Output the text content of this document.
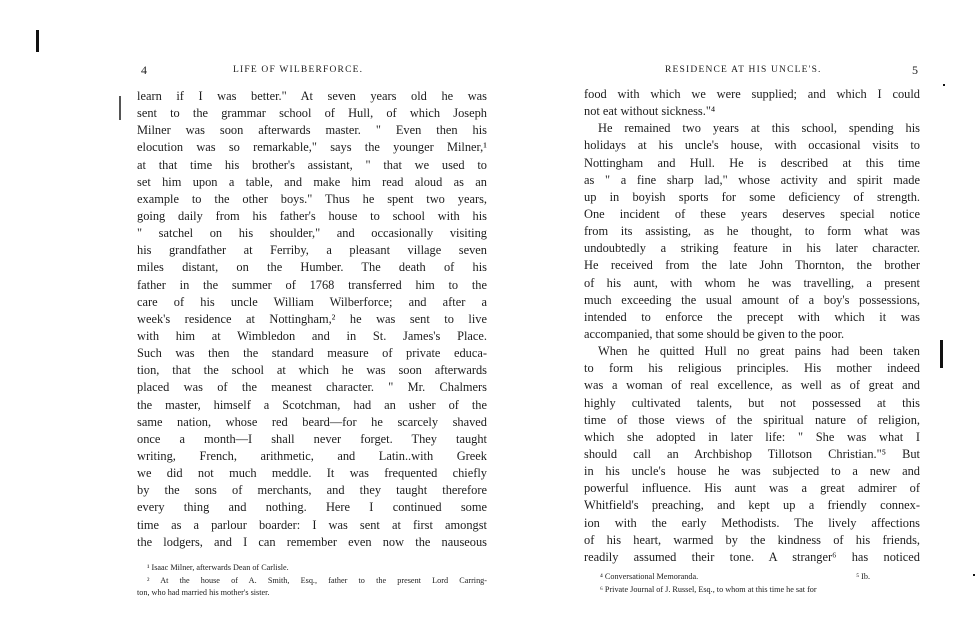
4	LIFE OF WILBERFORCE.
learn if I was better." At seven years old he was
sent to the grammar school of Hull, of which Joseph
Milner was soon afterwards master. " Even then his
elocution was so remarkable," says the younger Milner,¹
at that time his brother's assistant, " that we used to
set him upon a table, and make him read aloud as an
example to the other boys." Thus he spent two years,
going daily from his father's house to school with his
" satchel on his shoulder," and occasionally visiting
his grandfather at Ferriby, a pleasant village seven
miles distant, on the Humber. The death of his
father in the summer of 1768 transferred him to the
care of his uncle William Wilberforce; and after a
week's residence at Nottingham,² he was sent to live
with him at Wimbledon and in St. James's Place.
Such was then the standard measure of private educa-
tion, that the school at which he was soon afterwards
placed was of the meanest character. " Mr. Chalmers
the master, himself a Scotchman, had an usher of the
same nation, whose red beard—for he scarcely shaved
once a month—I shall never forget. They taught
writing, French, arithmetic, and Latin..with Greek
we did not much meddle. It was frequented chiefly
by the sons of merchants, and they taught therefore
every thing and nothing. Here I continued some
time as a parlour boarder: I was sent at first amongst
the lodgers, and I can remember even now the nauseous
¹ Isaac Milner, afterwards Dean of Carlisle.
² At the house of A. Smith, Esq., father to the present Lord Carring-
ton, who had married his mother's sister.
5
RESIDENCE AT HIS UNCLE'S.
food with which we were supplied; and which I could
not eat without sickness."⁴
He remained two years at this school, spending his
holidays at his uncle's house, with occasional visits to
Nottingham and Hull. He is described at this time
as " a fine sharp lad," whose activity and spirit made
up in boyish sports for some deficiency of strength.
One incident of these years deserves special notice
from its assisting, as he thought, to form what was
undoubtedly a striking feature in his later character.
He received from the late John Thornton, the brother
of his aunt, with whom he was travelling, a present
much exceeding the usual amount of a boy's possessions,
intended to enforce the precept with which it was
accompanied, that some should be given to the poor.
When he quitted Hull no great pains had been taken
to form his religious principles. His mother indeed
was a woman of real excellence, as well as of great and
highly cultivated talents, but not possessed at this
time of those views of the spiritual nature of religion,
which she adopted in later life: " She was what I
should call an Archbishop Tillotson Christian."⁵ But
in his uncle's house he was subjected to a new and
powerful influence. His aunt was a great admirer of
Whitfield's preaching, and kept up a friendly connex-
ion with the early Methodists. The lively affections
of his heart, warmed by the kindness of his friends,
readily assumed their tone. A stranger⁶ has noticed
⁴ Conversational Memoranda.	⁵ Ib.
⁶ Private Journal of J. Russel, Esq., to whom at this time he sat for
